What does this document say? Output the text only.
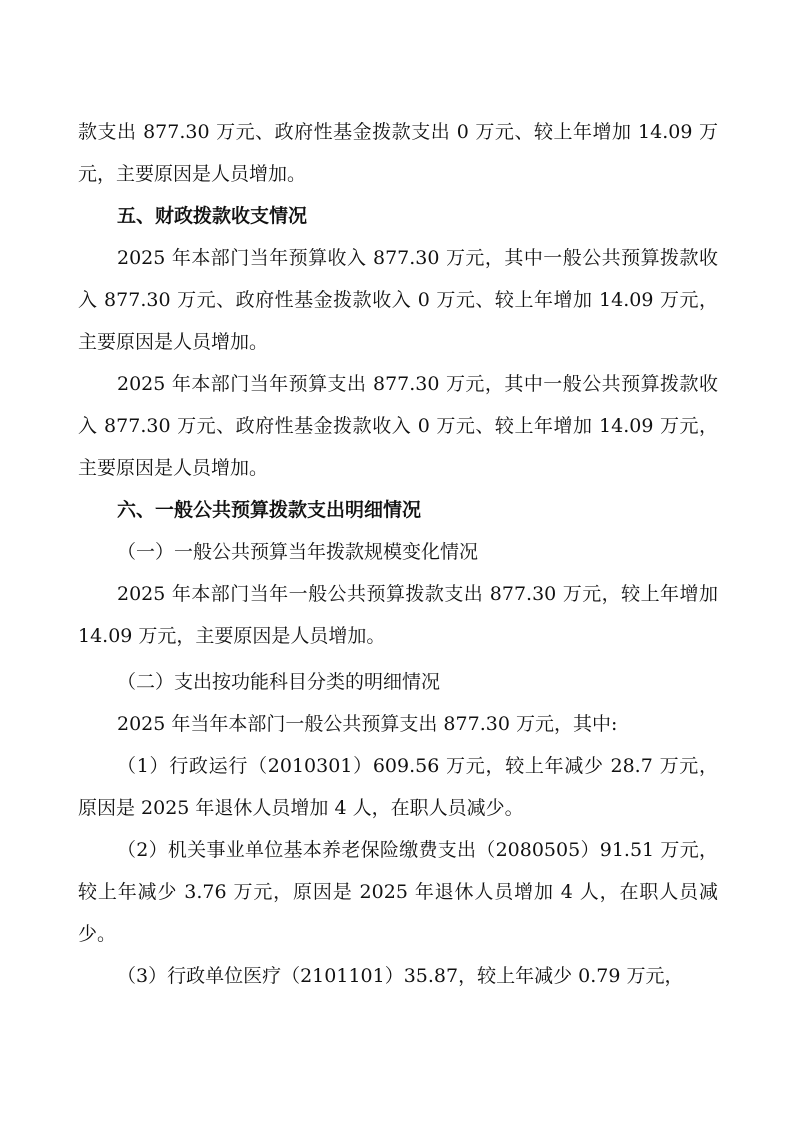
款支出 877.30 万元、政府性基金拨款支出 0 万元、较上年增加 14.09 万元，主要原因是人员增加。

五、财政拨款收支情况

2025 年本部门当年预算收入 877.30 万元，其中一般公共预算拨款收入 877.30 万元、政府性基金拨款收入 0 万元、较上年增加 14.09 万元，主要原因是人员增加。

2025 年本部门当年预算支出 877.30 万元，其中一般公共预算拨款收入 877.30 万元、政府性基金拨款收入 0 万元、较上年增加 14.09 万元，主要原因是人员增加。

六、一般公共预算拨款支出明细情况

（一）一般公共预算当年拨款规模变化情况

2025 年本部门当年一般公共预算拨款支出 877.30 万元，较上年增加 14.09 万元，主要原因是人员增加。

（二）支出按功能科目分类的明细情况

2025 年当年本部门一般公共预算支出 877.30 万元，其中:

（1）行政运行（2010301）609.56 万元，较上年减少 28.7 万元，原因是 2025 年退休人员增加 4 人，在职人员减少。

（2）机关事业单位基本养老保险缴费支出（2080505）91.51 万元，较上年减少 3.76 万元，原因是 2025 年退休人员增加 4 人，在职人员减少。

（3）行政单位医疗（2101101）35.87，较上年减少 0.79 万元，
